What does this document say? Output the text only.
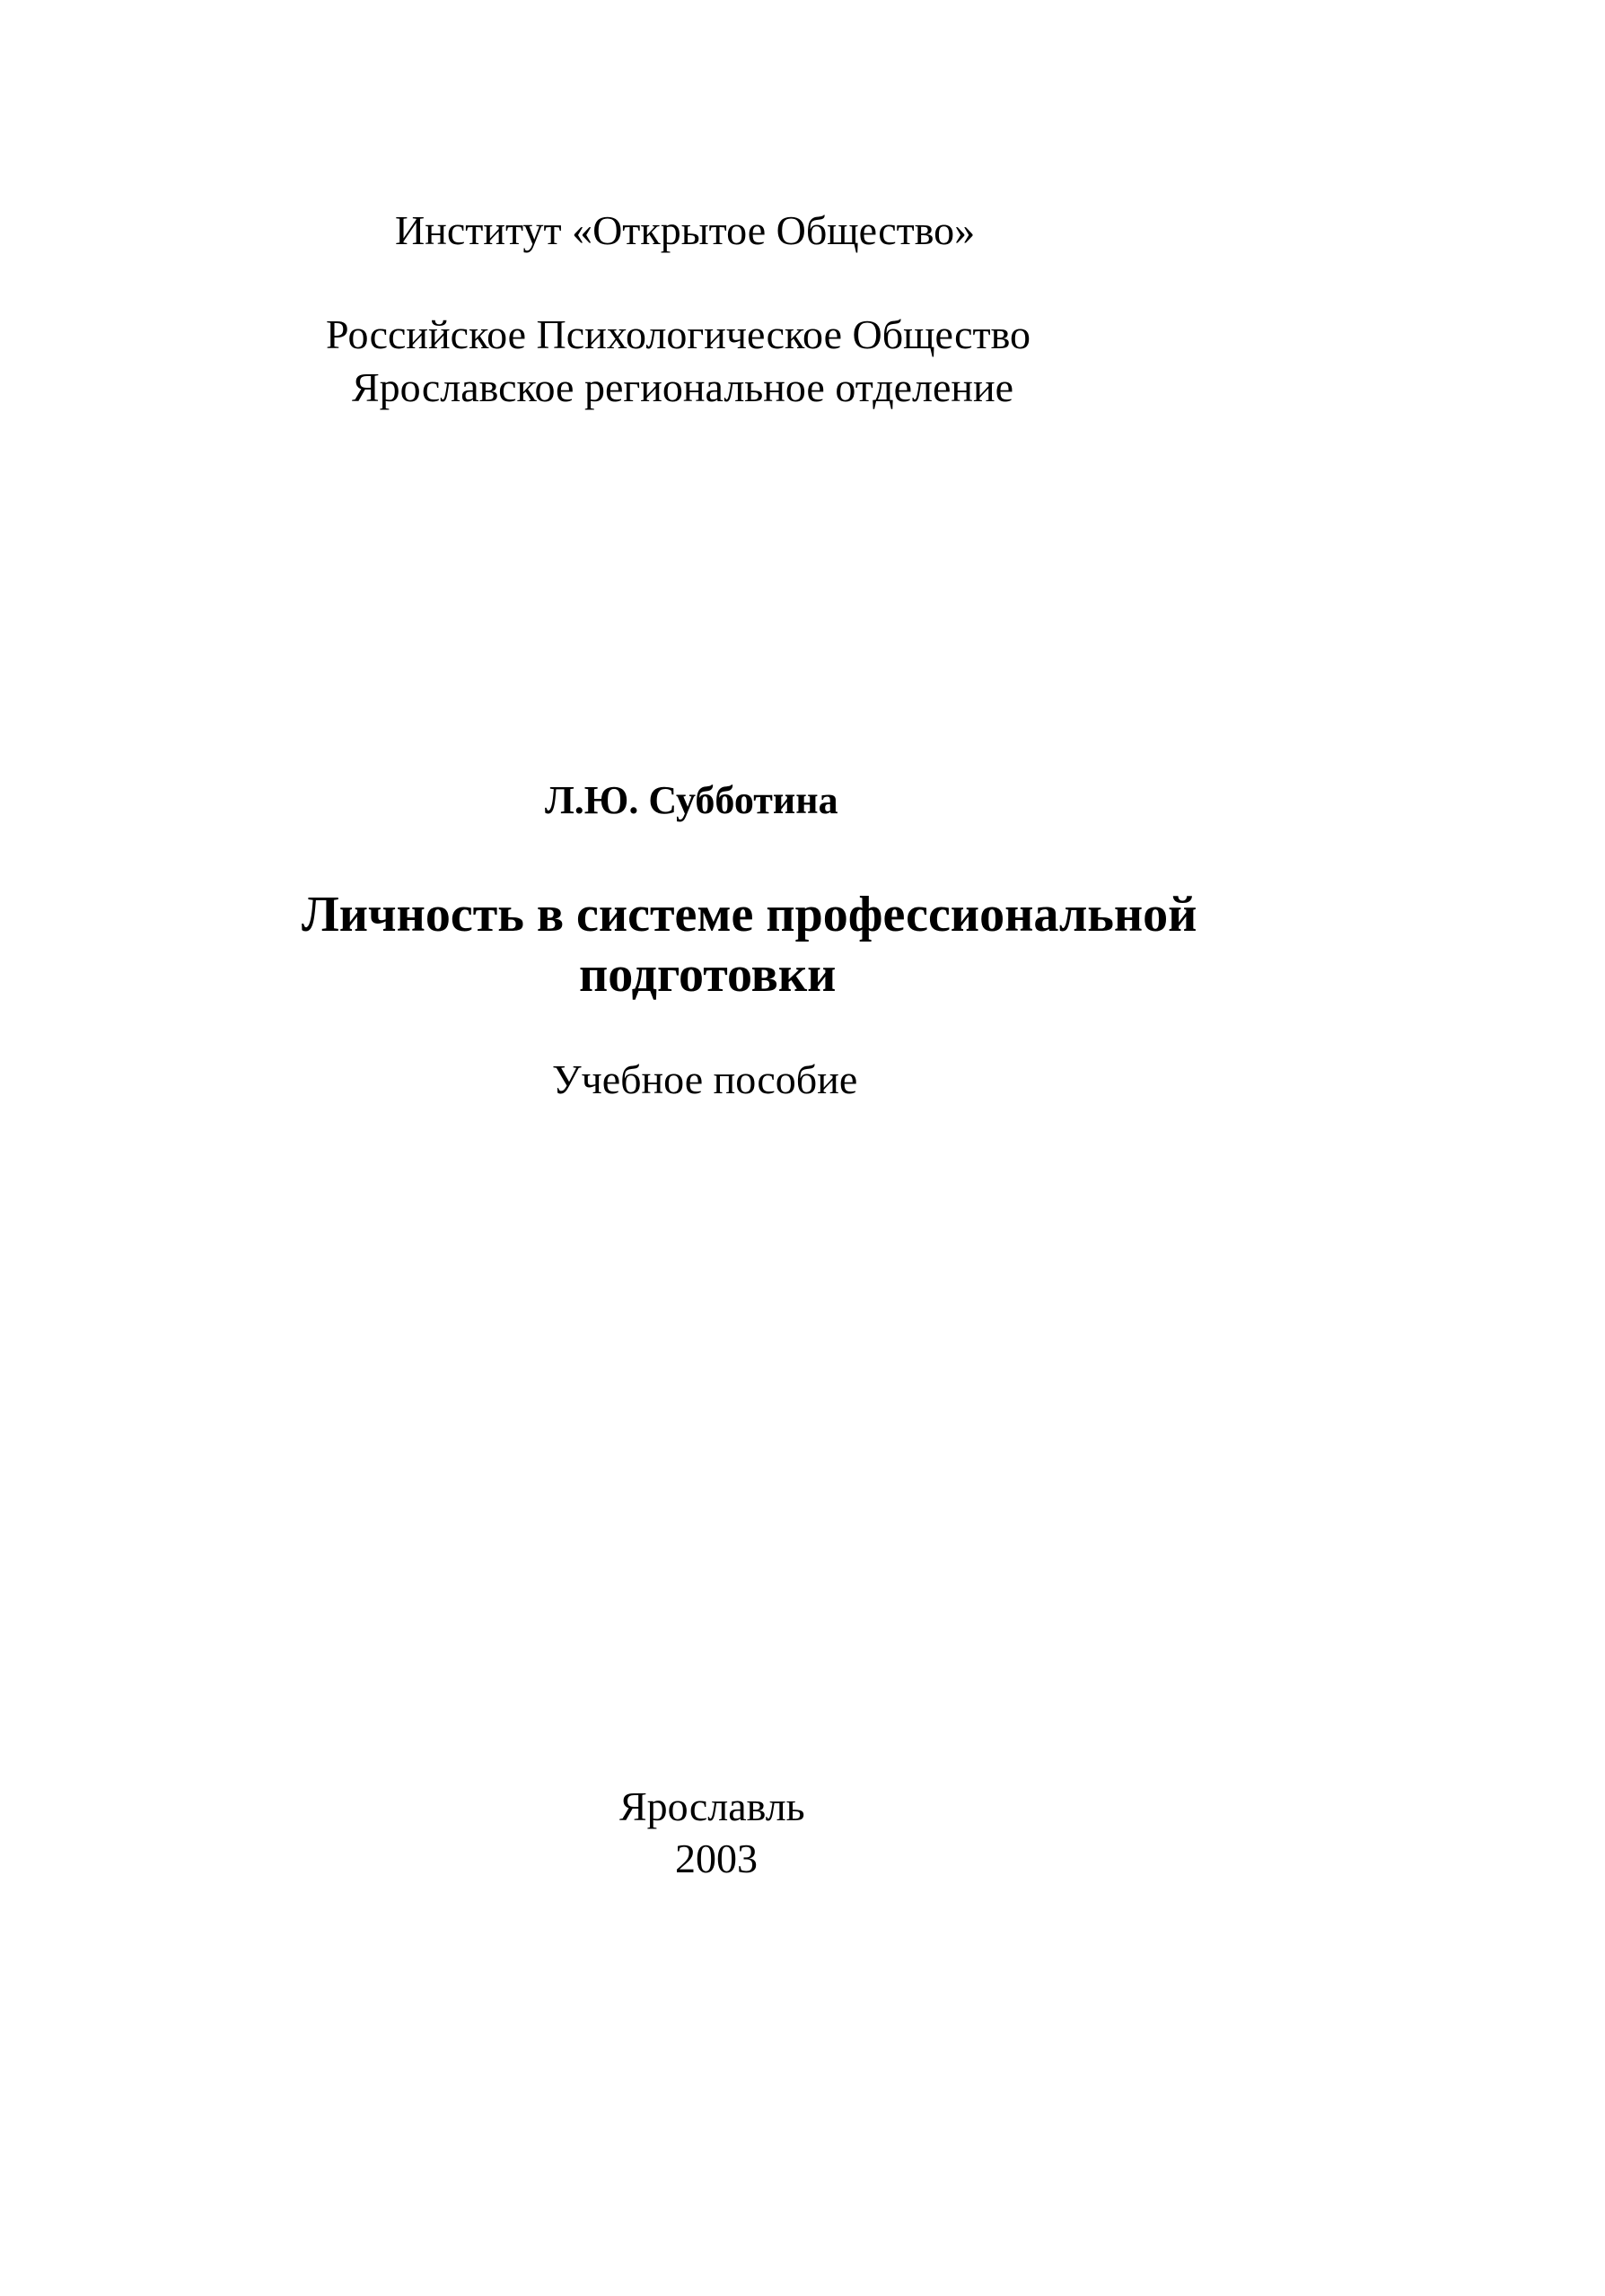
Институт «Открытое Общество»
Российское Психологическое Общество
Ярославское региональное отделение
Л.Ю. Субботина
Личность в системе профессиональной
подготовки
Учебное пособие
Ярославль
2003
